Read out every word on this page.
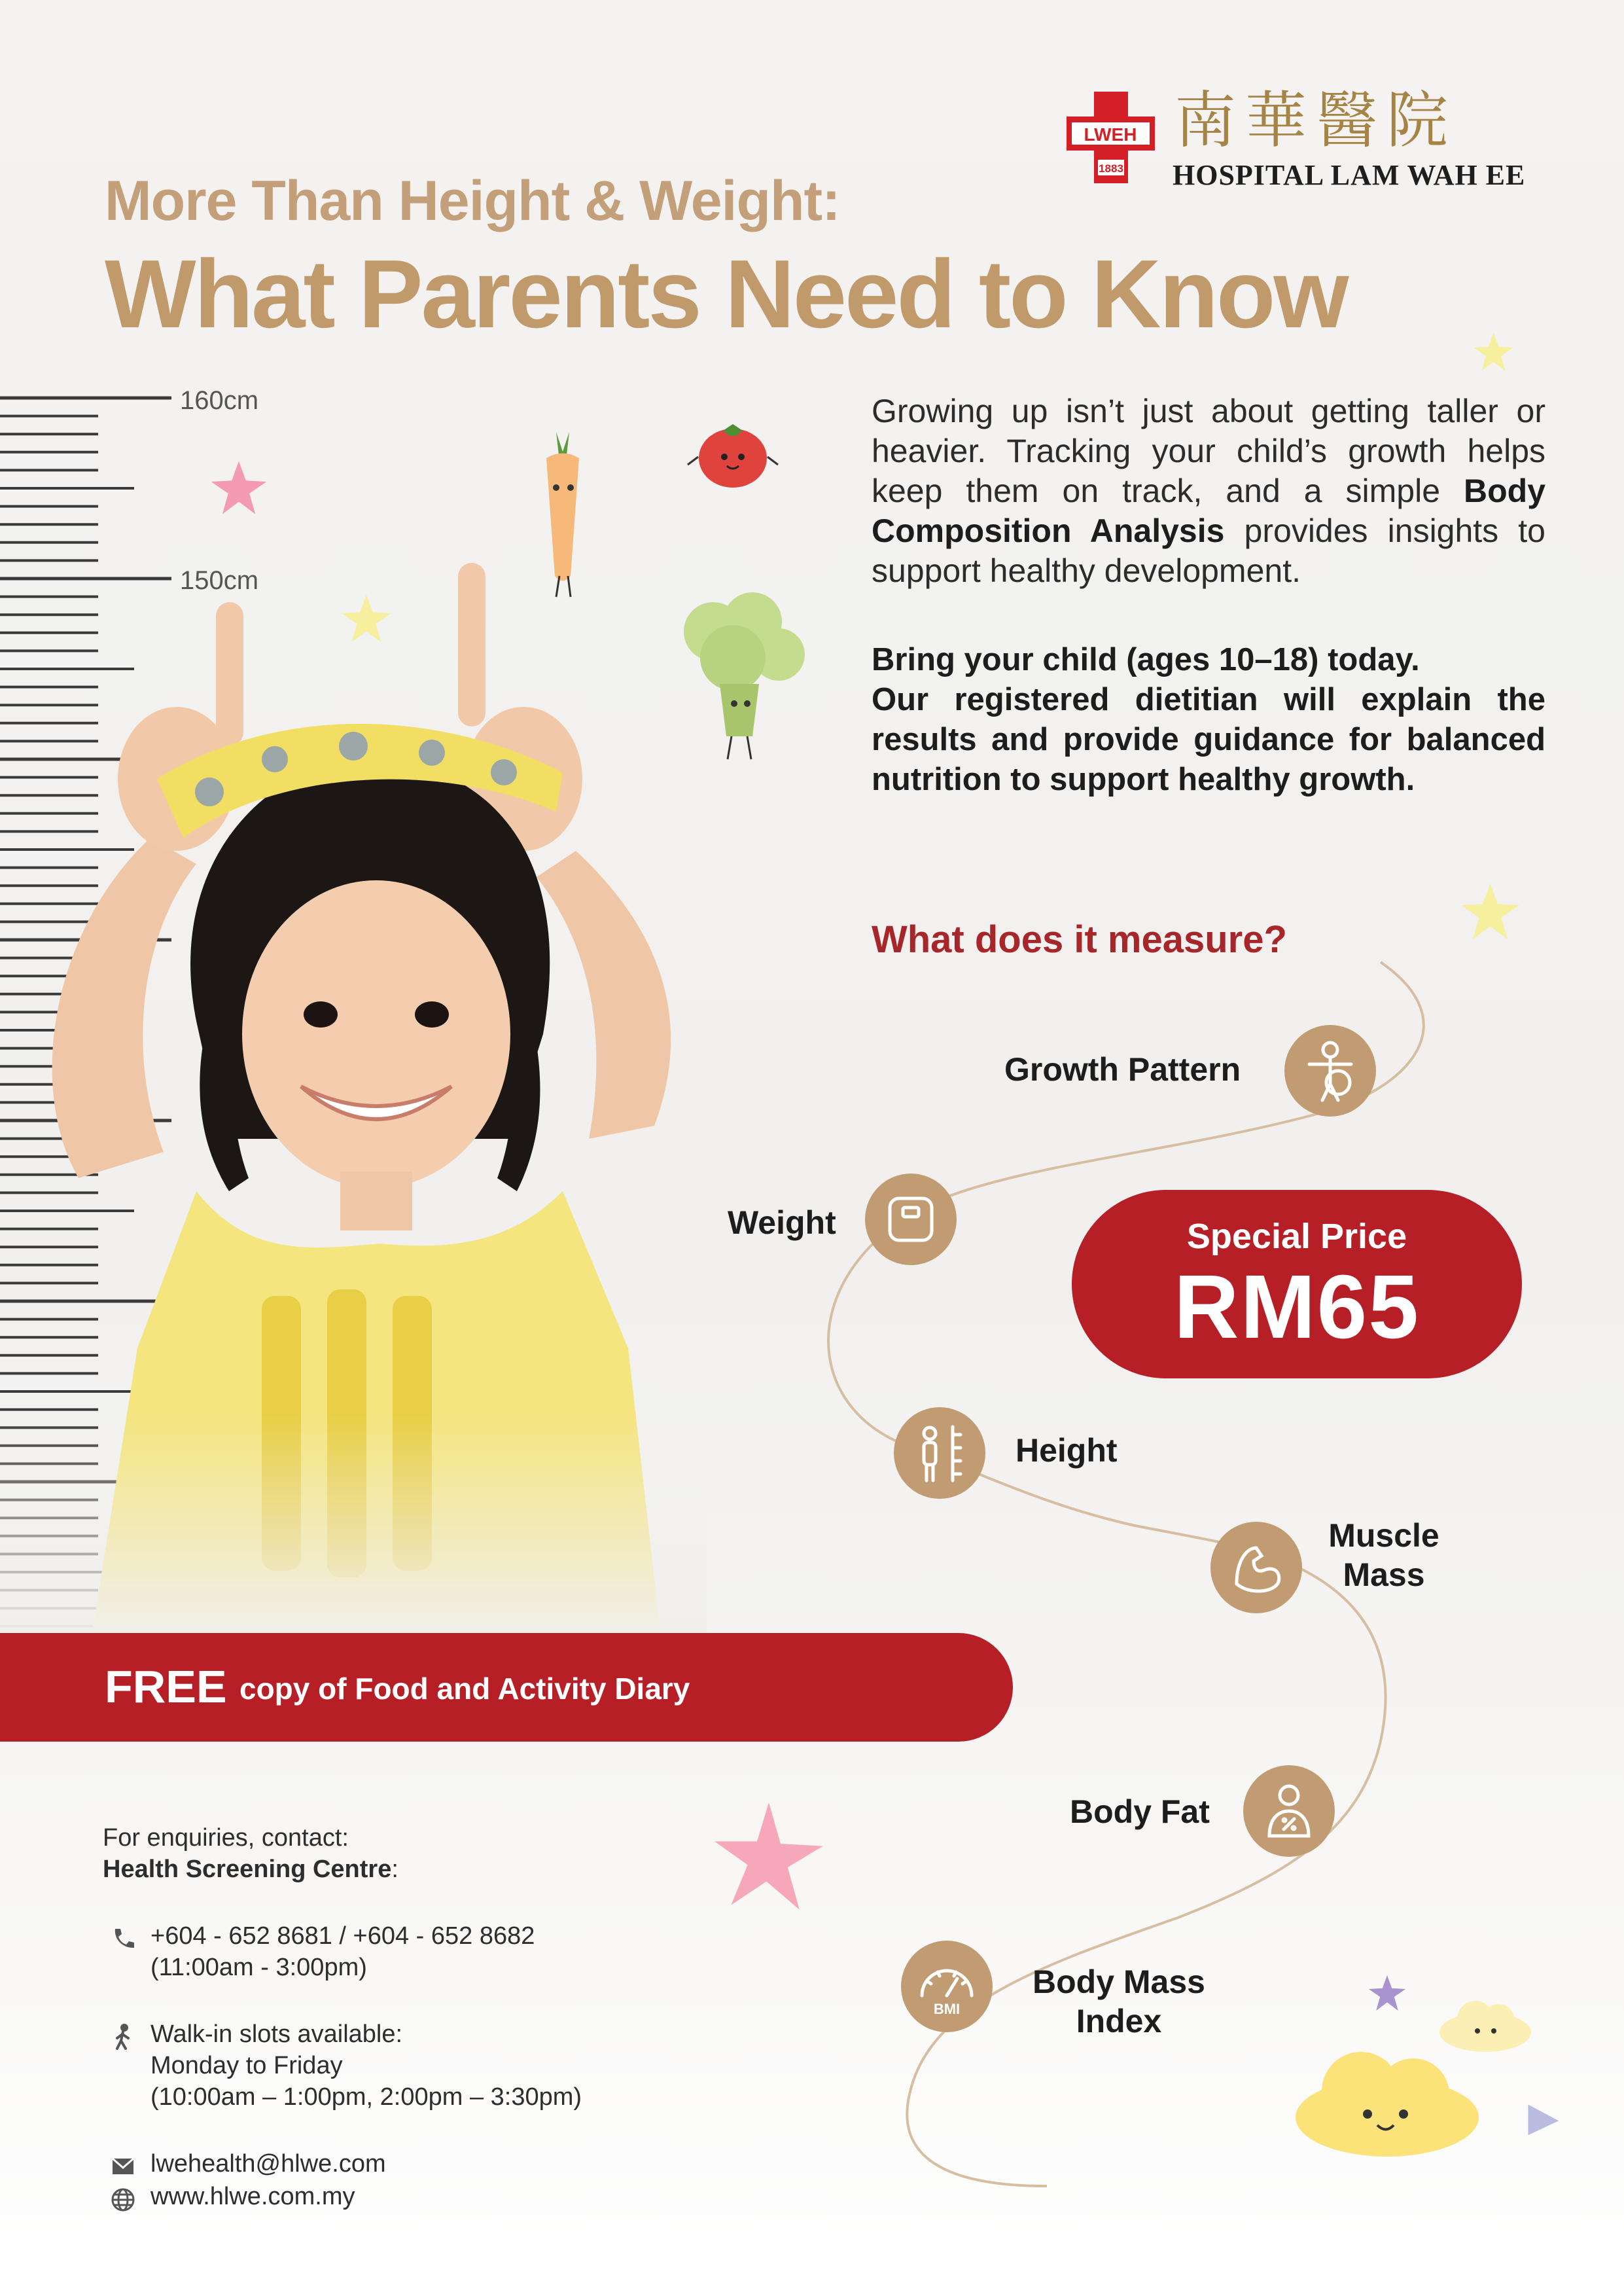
LWEH
1883
南華醫院
HOSPITAL LAM WAH EE
More Than Height & Weight:
What Parents Need to Know
160cm
150cm
Growing up isn’t just about getting taller or heavier. Tracking your child’s growth helps keep them on track, and a simple Body Composition Analysis provides insights to support healthy development.
Bring your child (ages 10–18) today.
Our registered dietitian will explain the results and provide guidance for balanced nutrition to support healthy growth.
What does it measure?
Growth Pattern
Weight	Special Price
RM65
Height
Muscle Mass
Body Fat
BMI
Body Mass Index
FREE copy of Food and Activity Diary
For enquiries, contact:
Health Screening Centre:
+604 - 652 8681 / +604 - 652 8682
(11:00am - 3:00pm)
Walk-in slots available:
Monday to Friday
(10:00am – 1:00pm, 2:00pm – 3:30pm)
lwehealth@hlwe.com
www.hlwe.com.my
